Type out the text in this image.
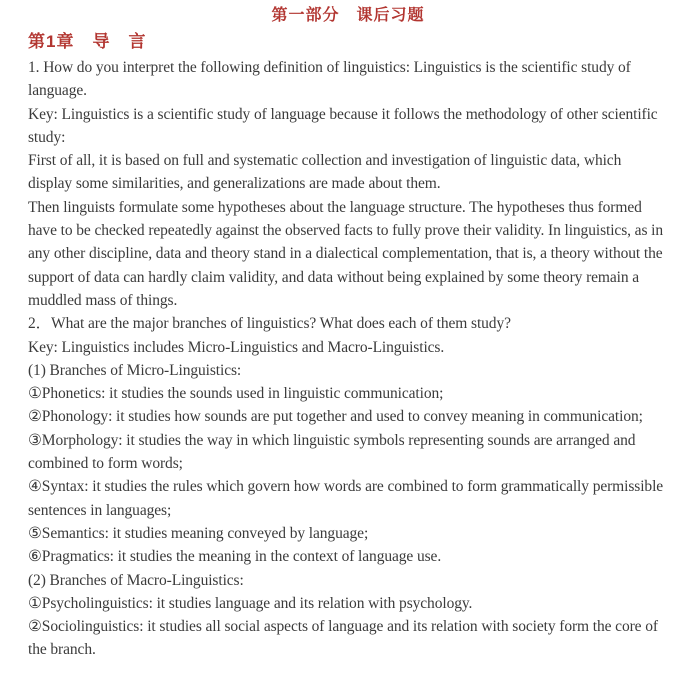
第一部分　课后习题
第1章　导　言

1. How do you interpret the following definition of linguistics: Linguistics is the scientific study of language.

Key: Linguistics is a scientific study of language because it follows the methodology of other scientific study:

First of all, it is based on full and systematic collection and investigation of linguistic data, which display some similarities, and generalizations are made about them.

Then linguists formulate some hypotheses about the language structure. The hypotheses thus formed have to be checked repeatedly against the observed facts to fully prove their validity. In linguistics, as in any other discipline, data and theory stand in a dialectical complementation, that is, a theory without the support of data can hardly claim validity, and data without being explained by some theory remain a muddled mass of things.

2．What are the major branches of linguistics? What does each of them study?

Key: Linguistics includes Micro-Linguistics and Macro-Linguistics.

(1) Branches of Micro-Linguistics:

①Phonetics: it studies the sounds used in linguistic communication;

②Phonology: it studies how sounds are put together and used to convey meaning in communication;

③Morphology: it studies the way in which linguistic symbols representing sounds are arranged and combined to form words;

④Syntax: it studies the rules which govern how words are combined to form grammatically permissible sentences in languages;

⑤Semantics: it studies meaning conveyed by language;

⑥Pragmatics: it studies the meaning in the context of language use.

(2) Branches of Macro-Linguistics:

①Psycholinguistics: it studies language and its relation with psychology.

②Sociolinguistics: it studies all social aspects of language and its relation with society form the core of the branch.
